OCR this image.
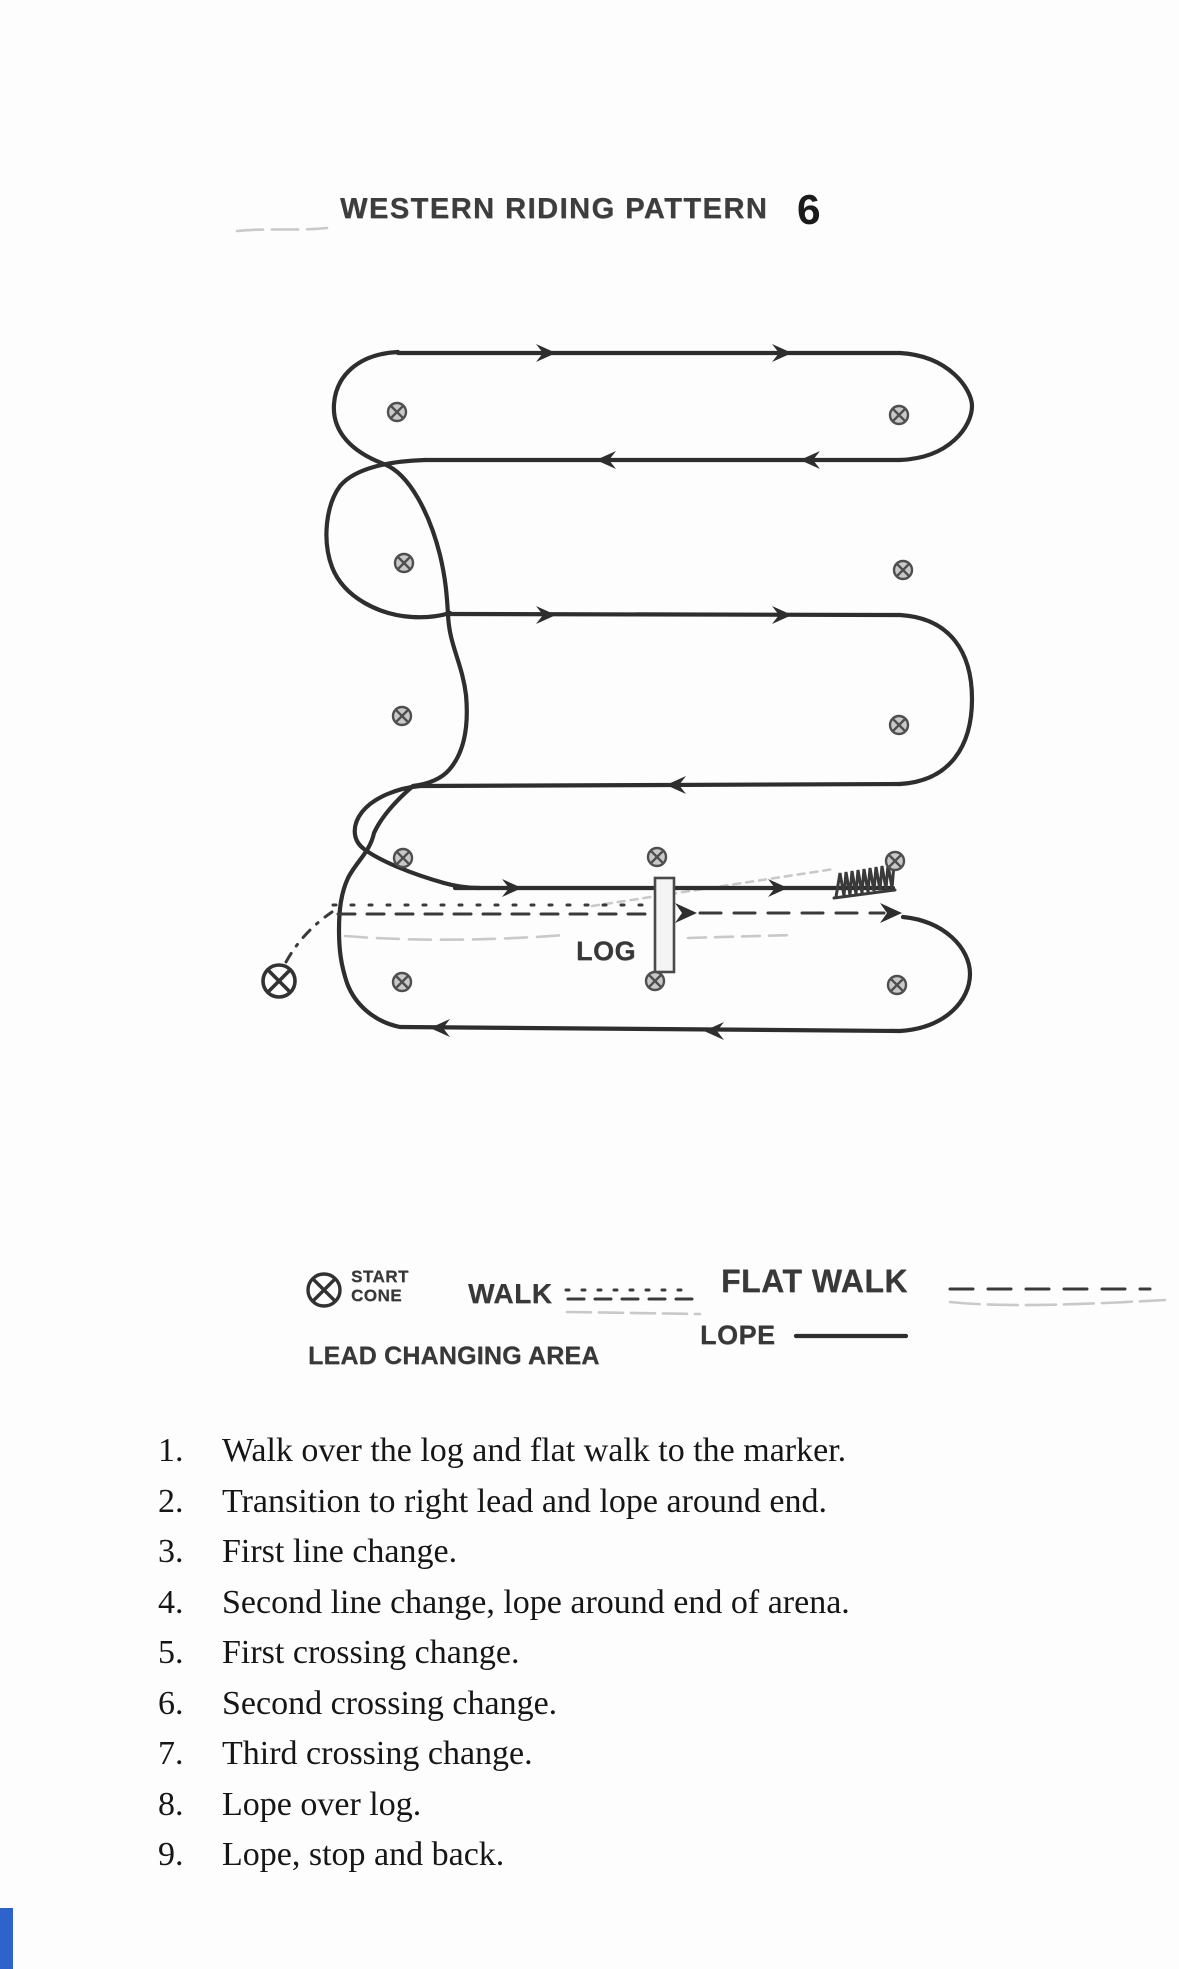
WESTERN RIDING PATTERN 6
LOG
START
CONE WALK	FLAT WALK
LOPE
LEAD CHANGING AREA
1.	Walk over the log and flat walk to the marker.
2.	Transition to right lead and lope around end.
3.	First line change.
4.	Second line change, lope around end of arena.
5.	First crossing change.
6.	Second crossing change.
7.	Third crossing change.
8.	Lope over log.
9.	Lope, stop and back.
